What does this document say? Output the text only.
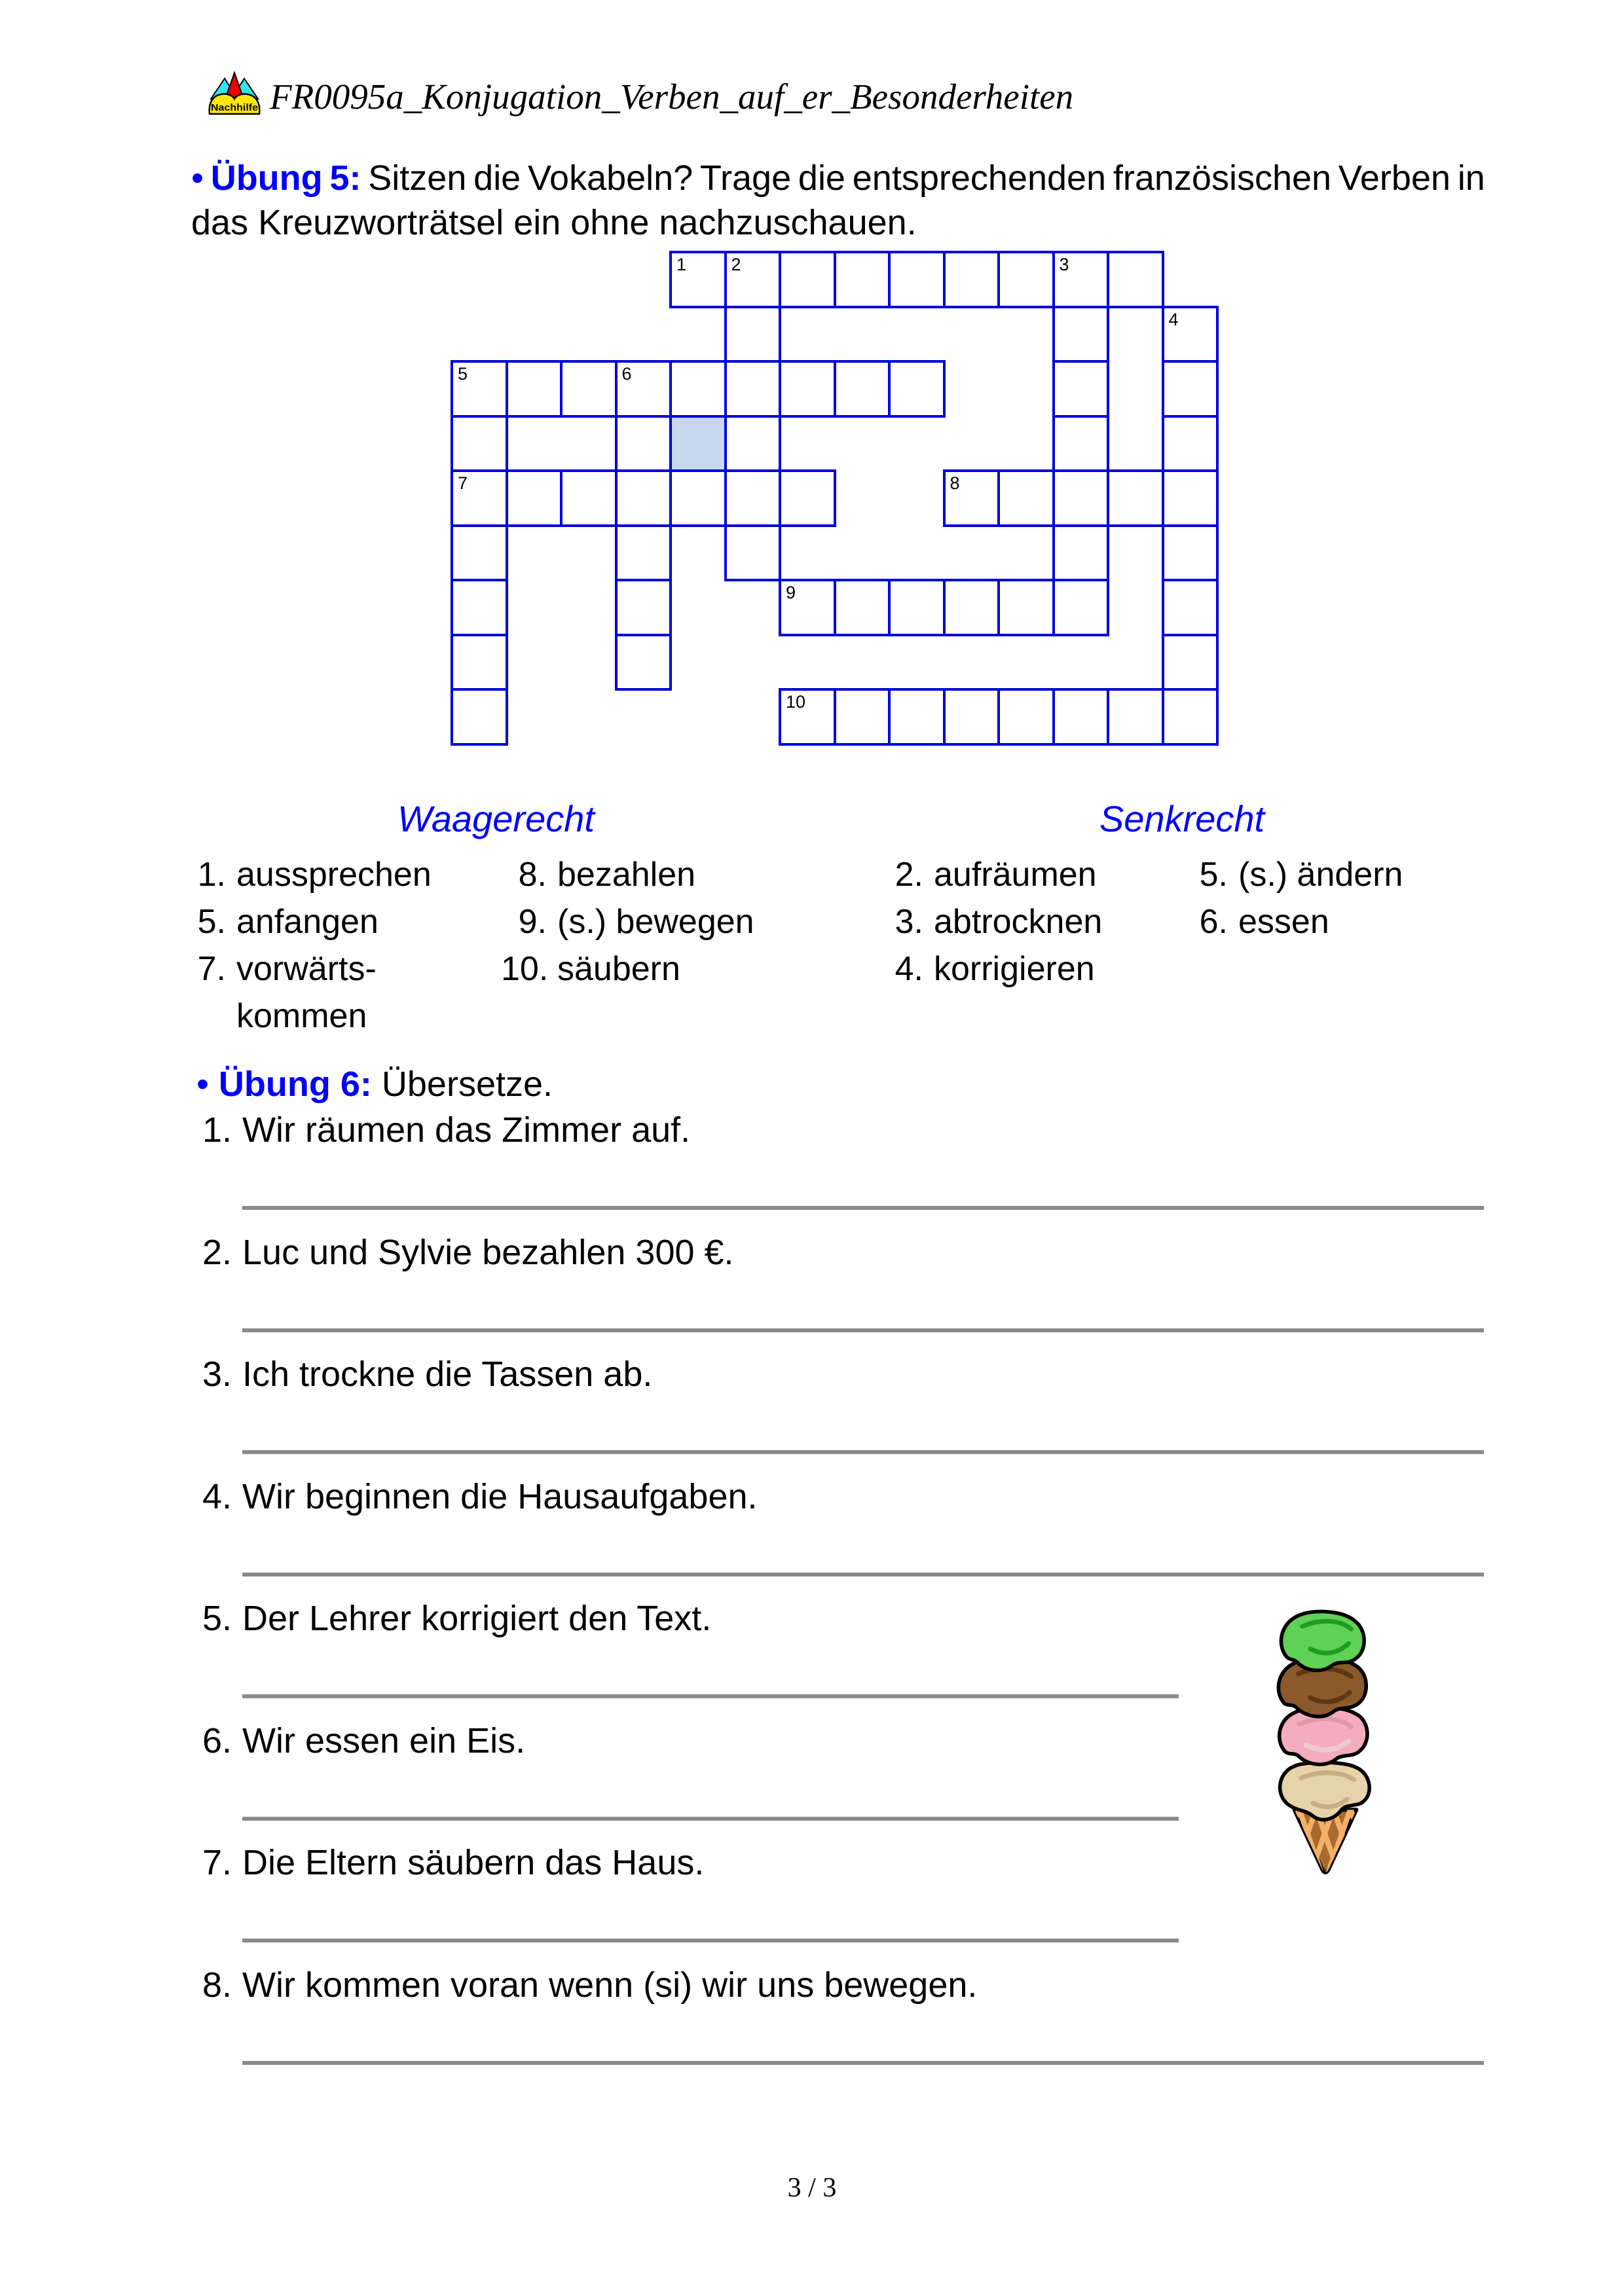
Nachhilfe FR0095a_Konjugation_Verben_auf_er_Besonderheiten
• Übung 5: Sitzen die Vokabeln? Trage die entsprechenden französischen Verben in
das Kreuzworträtsel ein ohne nachzuschauen.
1	2	3
4
5	6
7	8
9
10
Waagerecht	Senkrecht
1. aussprechen
5. anfangen
7. vorwärts-
kommen
8. bezahlen
9. (s.) bewegen
10. säubern
2. aufräumen
3. abtrocknen
4. korrigieren
5. (s.) ändern
6. essen
• Übung 6: Übersetze.
1. Wir räumen das Zimmer auf.
2. Luc und Sylvie bezahlen 300 €.
3. Ich trockne die Tassen ab.
4. Wir beginnen die Hausaufgaben.
5. Der Lehrer korrigiert den Text.
6. Wir essen ein Eis.
7. Die Eltern säubern das Haus.
8. Wir kommen voran wenn (si) wir uns bewegen.
3 / 3
